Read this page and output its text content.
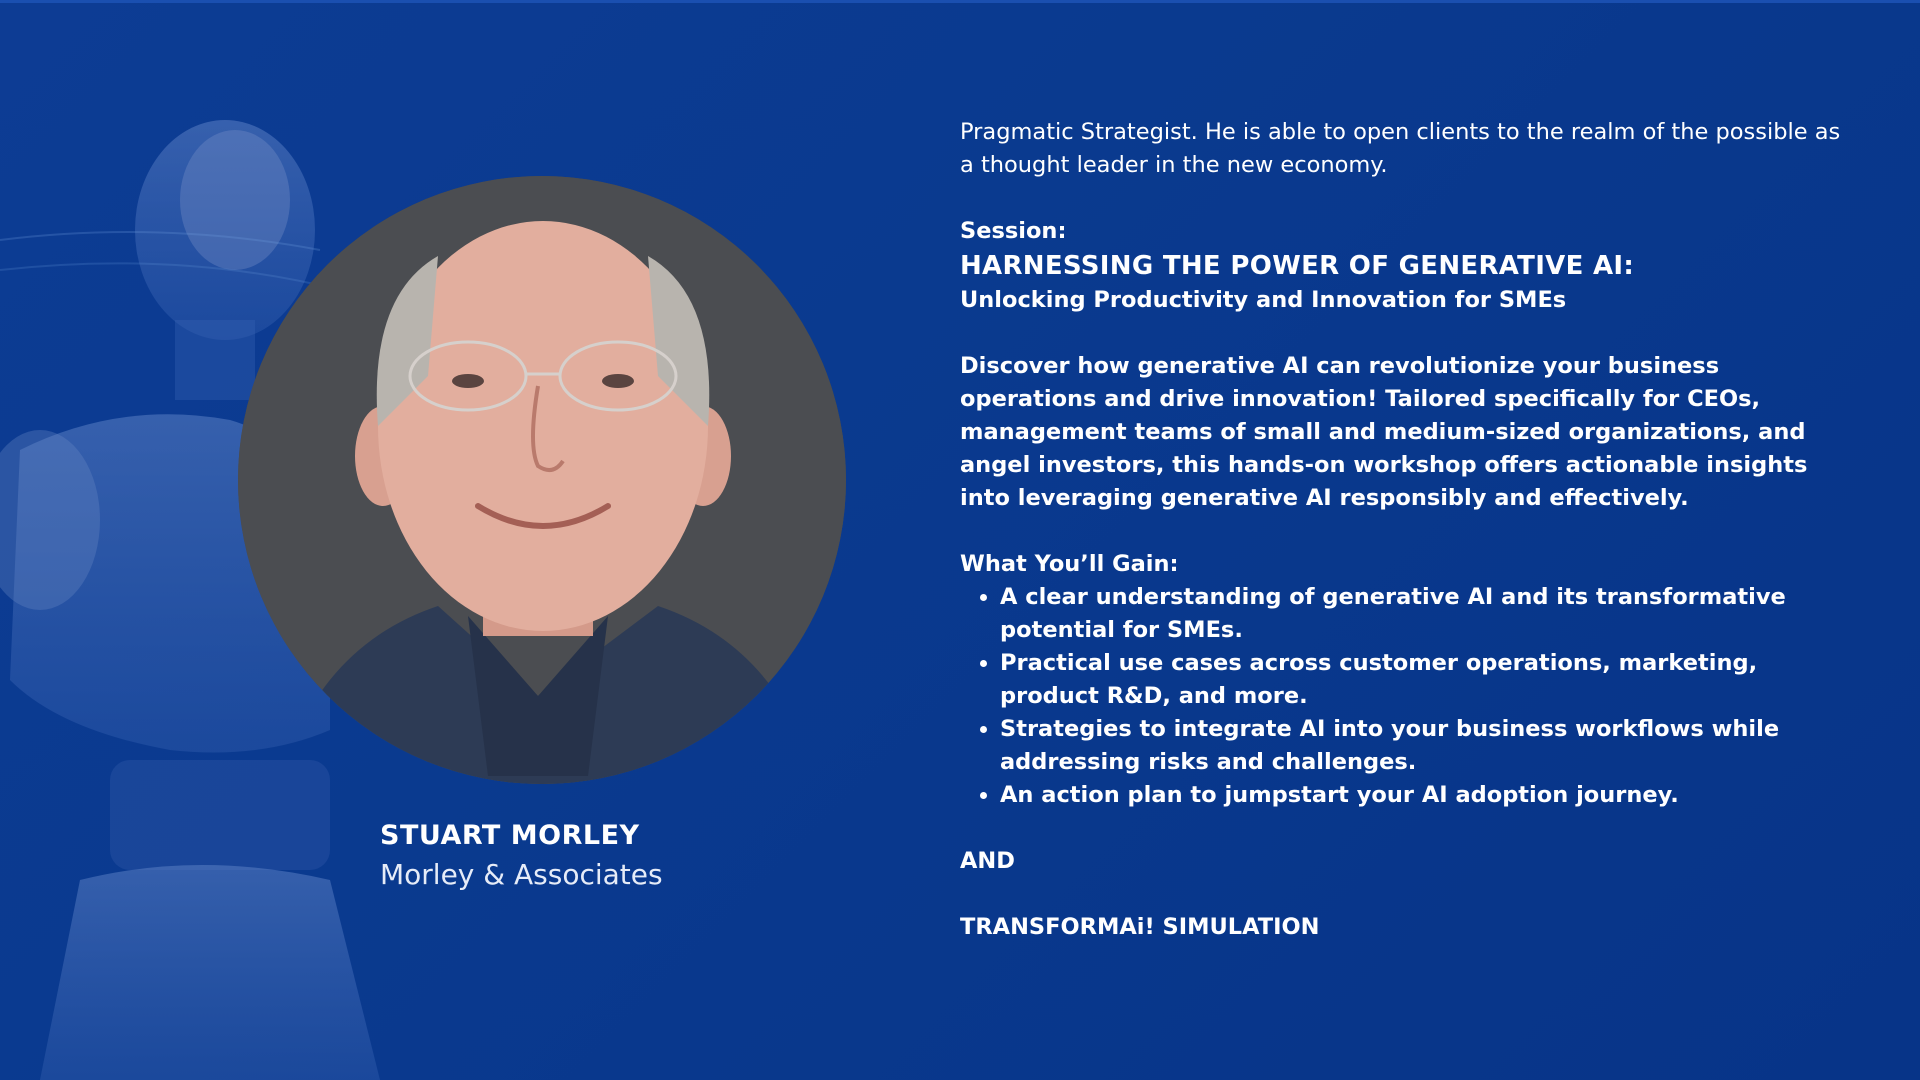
STUART MORLEY
Morley & Associates

Pragmatic Strategist. He is able to open clients to the realm of the possible as a thought leader in the new economy.

Session:

HARNESSING THE POWER OF GENERATIVE AI:

Unlocking Productivity and Innovation for SMEs

Discover how generative AI can revolutionize your business operations and drive innovation! Tailored specifically for CEOs, management teams of small and medium-sized organizations, and angel investors, this hands-on workshop offers actionable insights into leveraging generative AI responsibly and effectively.

What You’ll Gain:

• A clear understanding of generative AI and its transformative potential for SMEs.
• Practical use cases across customer operations, marketing, product R&D, and more.
• Strategies to integrate AI into your business workflows while addressing risks and challenges.
• An action plan to jumpstart your AI adoption journey.

AND

TRANSFORMAi! SIMULATION
